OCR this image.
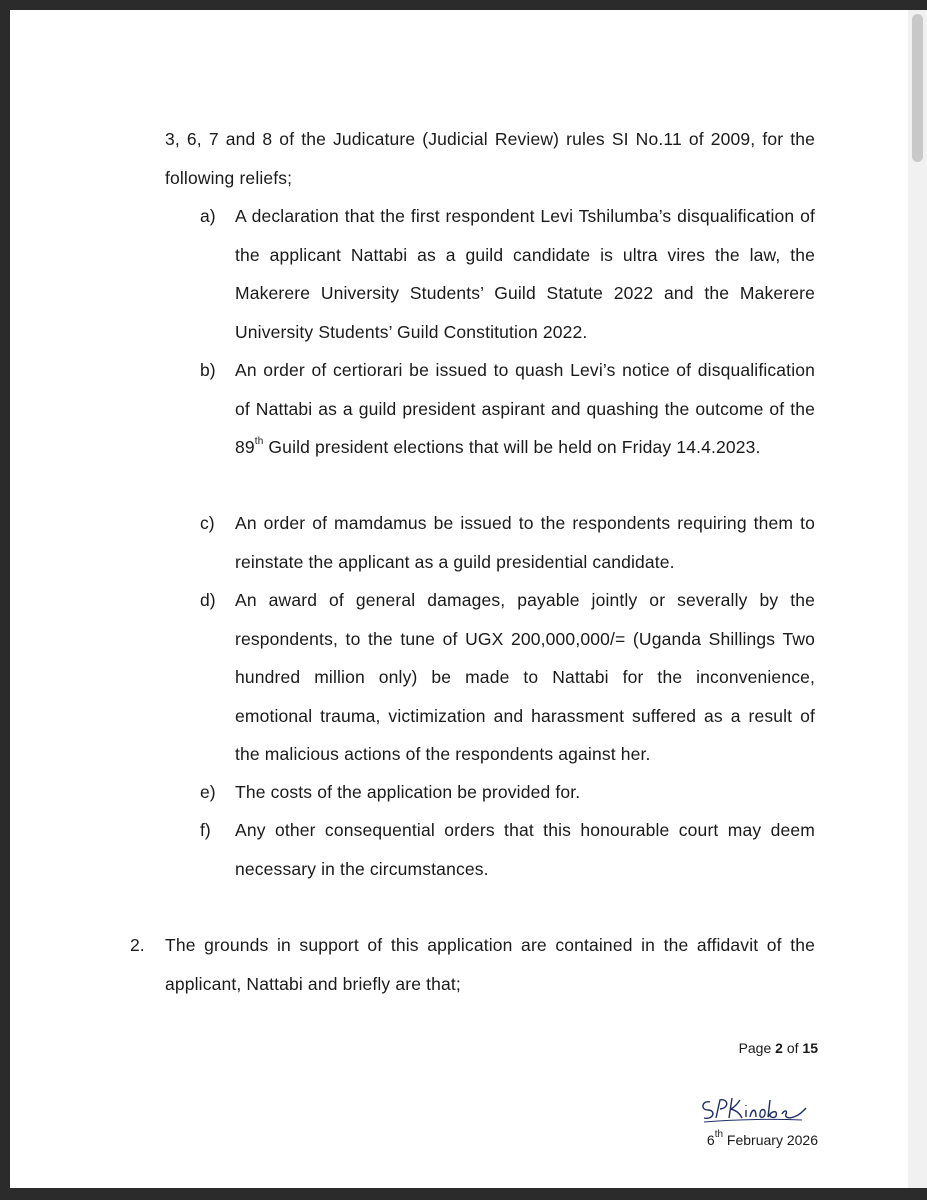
3, 6, 7 and 8 of the Judicature (Judicial Review) rules SI No.11 of 2009, for the following reliefs;
a) A declaration that the first respondent Levi Tshilumba’s disqualification of the applicant Nattabi as a guild candidate is ultra vires the law, the Makerere University Students’ Guild Statute 2022 and the Makerere University Students’ Guild Constitution 2022.
b) An order of certiorari be issued to quash Levi’s notice of disqualification of Nattabi as a guild president aspirant and quashing the outcome of the 89th Guild president elections that will be held on Friday 14.4.2023.
c) An order of mamdamus be issued to the respondents requiring them to reinstate the applicant as a guild presidential candidate.
d) An award of general damages, payable jointly or severally by the respondents, to the tune of UGX 200,000,000/= (Uganda Shillings Two hundred million only) be made to Nattabi for the inconvenience, emotional trauma, victimization and harassment suffered as a result of the malicious actions of the respondents against her.
e) The costs of the application be provided for.
f) Any other consequential orders that this honourable court may deem necessary in the circumstances.
2. The grounds in support of this application are contained in the affidavit of the applicant, Nattabi and briefly are that;
Page 2 of 15
6th February 2026
